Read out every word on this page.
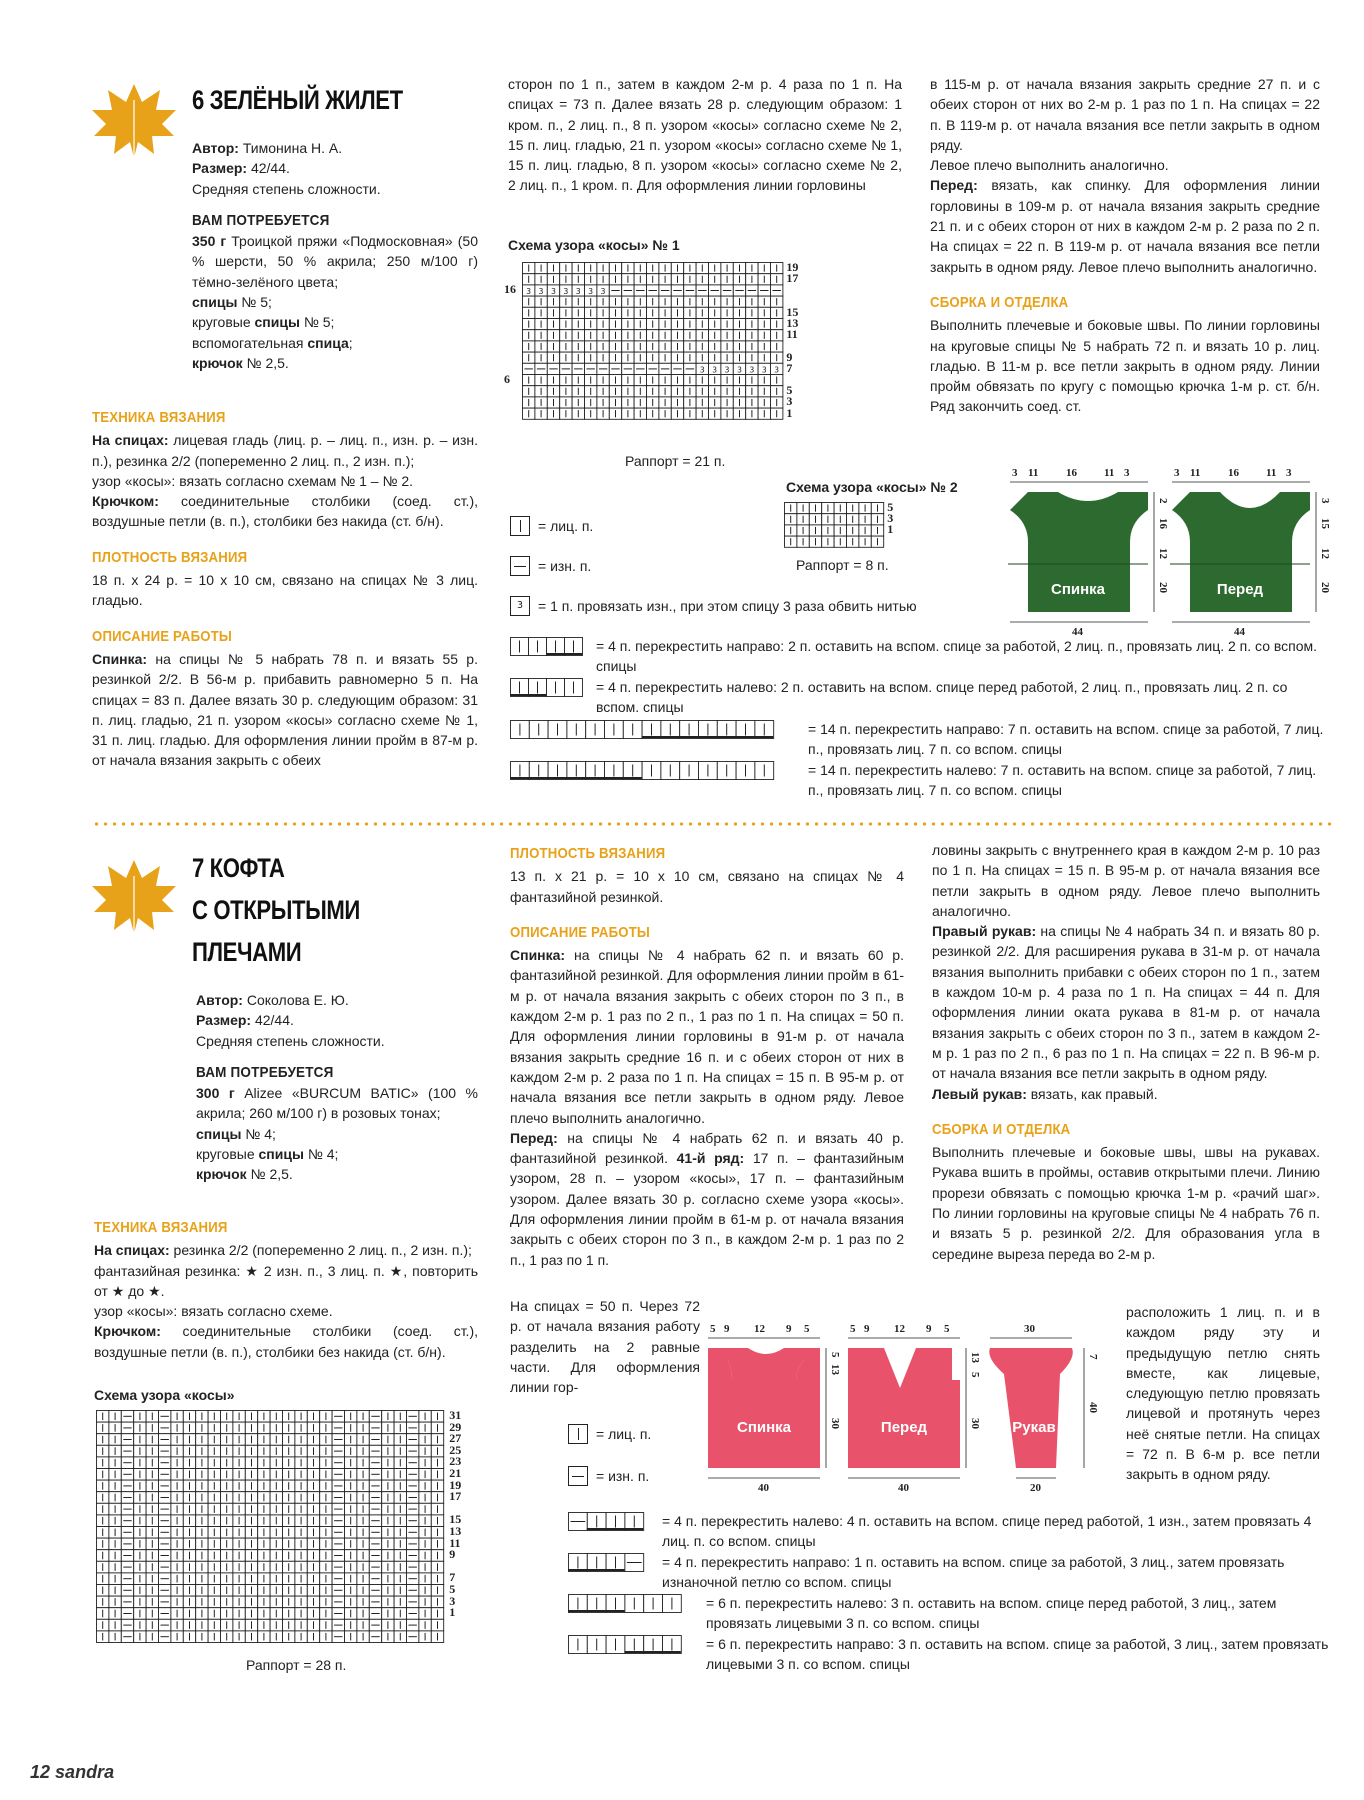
6 ЗЕЛЁНЫЙ ЖИЛЕТ

Автор: Тимонина Н. А.

Размер: 42/44.

Средняя степень сложности.

ВАМ ПОТРЕБУЕТСЯ

350 г Троицкой пряжи «Подмосковная» (50 % шерсти, 50 % акрила; 250 м/100 г) тёмно-зелёного цвета;

спицы № 5;

круговые спицы № 5;

вспомогательная спица;

крючок № 2,5.

ТЕХНИКА ВЯЗАНИЯ

На спицах: лицевая гладь (лиц. р. – лиц. п., изн. р. – изн. п.), резинка 2/2 (попеременно 2 лиц. п., 2 изн. п.);

узор «косы»: вязать согласно схемам № 1 – № 2.

Крючком: соединительные столбики (соед. ст.), воздушные петли (в. п.), столбики без накида (ст. б/н).

ПЛОТНОСТЬ ВЯЗАНИЯ

18 п. х 24 р. = 10 х 10 см, связано на спицах № 3 лиц. гладью.

ОПИСАНИЕ РАБОТЫ

Спинка: на спицы № 5 набрать 78 п. и вязать 55 р. резинкой 2/2. В 56-м р. прибавить равномерно 5 п. На спицах = 83 п. Далее вязать 30 р. следующим образом: 31 п. лиц. гладью, 21 п. узором «косы» согласно схеме № 1, 31 п. лиц. гладью. Для оформления линии пройм в 87-м р. от начала вязания закрыть с обеих

сторон по 1 п., затем в каждом 2-м р. 4 раза по 1 п. На спицах = 73 п. Далее вязать 28 р. следующим образом: 1 кром. п., 2 лиц. п., 8 п. узором «косы» согласно схеме № 2, 15 п. лиц. гладью, 21 п. узором «косы» согласно схеме № 1, 15 п. лиц. гладью, 8 п. узором «косы» согласно схеме № 2, 2 лиц. п., 1 кром. п. Для оформления линии горловины

в 115-м р. от начала вязания закрыть средние 27 п. и с обеих сторон от них во 2-м р. 1 раз по 1 п. На спицах = 22 п. В 119-м р. от начала вязания все петли закрыть в одном ряду.

Левое плечо выполнить аналогично.

Перед: вязать, как спинку. Для оформления линии горловины в 109-м р. от начала вязания закрыть средние 21 п. и с обеих сторон от них в каждом 2-м р. 2 раза по 2 п. На спицах = 22 п. В 119-м р. от начала вязания все петли закрыть в одном ряду. Левое плечо выполнить аналогично.

СБОРКА И ОТДЕЛКА

Выполнить плечевые и боковые швы. По линии горловины на круговые спицы № 5 набрать 72 п. и вязать 10 р. лиц. гладью. В 11-м р. все петли закрыть в одном ряду. Линии пройм обвязать по кругу с помощью крючка 1-м р. ст. б/н. Ряд закончить соед. ст.

Схема узора «косы» № 1
3 3 3 3 3 3 3
3 3 3 3 3 3 3
19
17
16
15
13
11
9
7
6
5
3
1
Раппорт = 21 п.
Схема узора «косы» № 2
5
3
1
Раппорт = 8 п.
= лиц. п.
= изн. п.
3	= 1 п. провязать изн., при этом спицу 3 раза обвить нитью
= 4 п. перекрестить направо: 2 п. оставить на вспом. спице за работой, 2 лиц. п., провязать лиц. 2 п. со вспом. спицы
= 4 п. перекрестить налево: 2 п. оставить на вспом. спице перед работой, 2 лиц. п., провязать лиц. 2 п. со вспом. спицы
= 14 п. перекрестить направо: 7 п. оставить на вспом. спице за работой, 7 лиц. п., провязать лиц. 7 п. со вспом. спицы
= 14 п. перекрестить налево: 7 п. оставить на вспом. спице за работой, 7 лиц. п., провязать лиц. 7 п. со вспом. спицы
Спинка	Перед
3 11	16 11 3	3 11	16 11 3
2
16
12
20
3
15
12
20
44	44
7 КОФТА
С ОТКРЫТЫМИ
ПЛЕЧАМИ

Автор: Соколова Е. Ю.

Размер: 42/44.

Средняя степень сложности.

ВАМ ПОТРЕБУЕТСЯ

300 г Alizee «BURCUM BATIC» (100 % акрила; 260 м/100 г) в розовых тонах;

спицы № 4;

круговые спицы № 4;

крючок № 2,5.

ТЕХНИКА ВЯЗАНИЯ

На спицах: резинка 2/2 (попеременно 2 лиц. п., 2 изн. п.);

фантазийная резинка: ★ 2 изн. п., 3 лиц. п. ★, повторить от ★ до ★.

узор «косы»: вязать согласно схеме.

Крючком: соединительные столбики (соед. ст.), воздушные петли (в. п.), столбики без накида (ст. б/н).

Схема узора «косы»
31
29
27
25
23
21
19
17
15
13
11
9
7
5
3
1
Раппорт = 28 п.
ПЛОТНОСТЬ ВЯЗАНИЯ

13 п. х 21 р. = 10 х 10 см, связано на спицах № 4 фантазийной резинкой.

ОПИСАНИЕ РАБОТЫ

Спинка: на спицы № 4 набрать 62 п. и вязать 60 р. фантазийной резинкой. Для оформления линии пройм в 61-м р. от начала вязания закрыть с обеих сторон по 3 п., в каждом 2-м р. 1 раз по 2 п., 1 раз по 1 п. На спицах = 50 п. Для оформления линии горловины в 91-м р. от начала вязания закрыть средние 16 п. и с обеих сторон от них в каждом 2-м р. 2 раза по 1 п. На спицах = 15 п. В 95-м р. от начала вязания все петли закрыть в одном ряду. Левое плечо выполнить аналогично.

Перед: на спицы № 4 набрать 62 п. и вязать 40 р. фантазийной резинкой. 41-й ряд: 17 п. – фантазийным узором, 28 п. – узором «косы», 17 п. – фантазийным узором. Далее вязать 30 р. согласно схеме узора «косы». Для оформления линии пройм в 61-м р. от начала вязания закрыть с обеих сторон по 3 п., в каждом 2-м р. 1 раз по 2 п., 1 раз по 1 п.

На спицах = 50 п. Через 72 р. от начала вязания работу разделить на 2 равные части. Для оформления линии гор-

ловины закрыть с внутреннего края в каждом 2-м р. 10 раз по 1 п. На спицах = 15 п. В 95-м р. от начала вязания все петли закрыть в одном ряду. Левое плечо выполнить аналогично.

Правый рукав: на спицы № 4 набрать 34 п. и вязать 80 р. резинкой 2/2. Для расширения рукава в 31-м р. от начала вязания выполнить прибавки с обеих сторон по 1 п., затем в каждом 10-м р. 4 раза по 1 п. На спицах = 44 п. Для оформления линии оката рукава в 81-м р. от начала вязания закрыть с обеих сторон по 3 п., затем в каждом 2-м р. 1 раз по 2 п., 6 раз по 1 п. На спицах = 22 п. В 96-м р. от начала вязания все петли закрыть в одном ряду.

Левый рукав: вязать, как правый.

СБОРКА И ОТДЕЛКА

Выполнить плечевые и боковые швы, швы на рукавах. Рукава вшить в проймы, оставив открытыми плечи. Линию прорези обвязать с помощью крючка 1-м р. «рачий шаг». По линии горловины на круговые спицы № 4 набрать 76 п. и вязать 5 р. резинкой 2/2. Для образования угла в середине выреза переда во 2-м р.

расположить 1 лиц. п. и в каждом ряду эту и предыдущую петлю снять вместе, как лицевые, следующую петлю провязать лицевой и протянуть через неё снятые петли. На спицах = 72 п. В 6-м р. все петли закрыть в одном ряду.

Спинка
5 9 12 9 5
5
13
30
40
Перед
5 9 12 9 5
13
5
30
40
Рукав
30
7
40
20
= лиц. п.
= изн. п.
= 4 п. перекрестить налево: 4 п. оставить на вспом. спице перед работой, 1 изн., затем провязать 4 лиц. п. со вспом. спицы
= 4 п. перекрестить направо: 1 п. оставить на вспом. спице за работой, 3 лиц., затем провязать изнаночной петлю со вспом. спицы
= 6 п. перекрестить налево: 3 п. оставить на вспом. спице перед работой, 3 лиц., затем провязать лицевыми 3 п. со вспом. спицы
= 6 п. перекрестить направо: 3 п. оставить на вспом. спице за работой, 3 лиц., затем провязать лицевыми 3 п. со вспом. спицы
12 sandra
